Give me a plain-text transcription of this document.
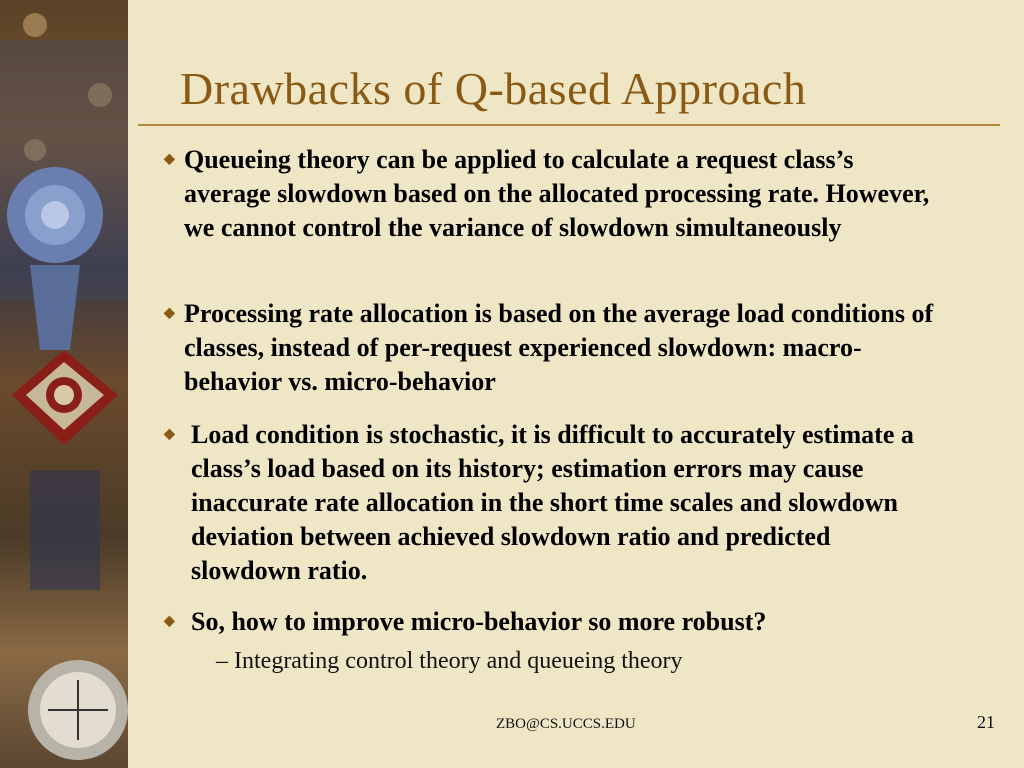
Drawbacks of Q-based Approach
◆ Queueing theory can be applied to calculate a request class’s average slowdown based on the allocated processing rate. However, we cannot control the variance of slowdown simultaneously
◆ Processing rate allocation is based on the average load conditions of classes, instead of per-request experienced slowdown: macro-behavior vs. micro-behavior
◆ Load condition is stochastic, it is difficult to accurately estimate a class’s load based on its history; estimation errors may cause inaccurate rate allocation in the short time scales and slowdown deviation between achieved slowdown ratio and predicted slowdown ratio.
◆ So, how to improve micro-behavior so more robust?
– Integrating control theory and queueing theory
ZBO@CS.UCCS.EDU	21
